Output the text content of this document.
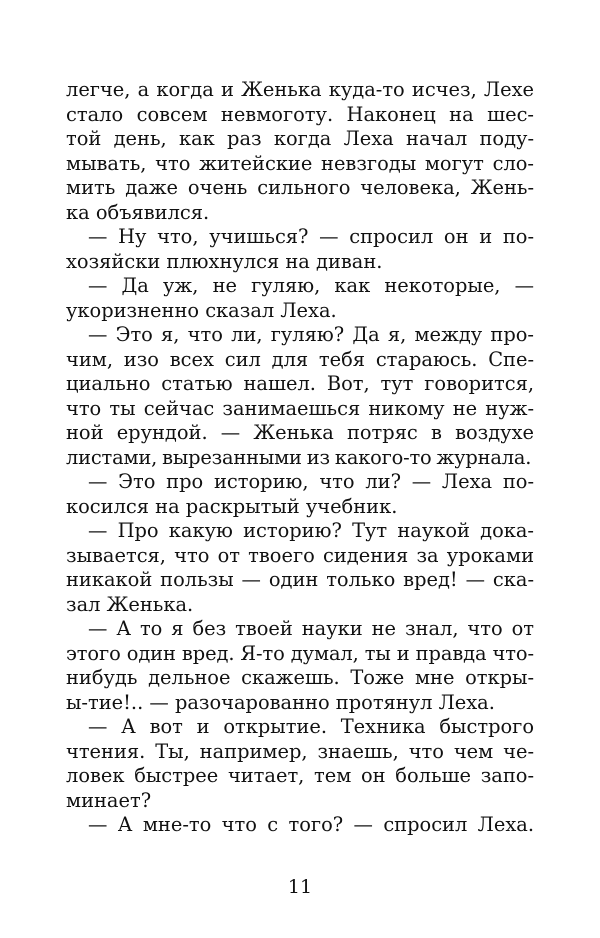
легче, а когда и Женька куда-то исчез, Лехе
стало совсем невмоготу. Наконец на шес-
той день, как раз когда Леха начал поду-
мывать, что житейские невзгоды могут сло-
мить даже очень сильного человека, Жень-
ка объявился.
— Ну что, учишься? — спросил он и по-
хозяйски плюхнулся на диван.
— Да уж, не гуляю, как некоторые, —
укоризненно сказал Леха.
— Это я, что ли, гуляю? Да я, между про-
чим, изо всех сил для тебя стараюсь. Спе-
циально статью нашел. Вот, тут говорится,
что ты сейчас занимаешься никому не нуж-
ной ерундой. — Женька потряс в воздухе
листами, вырезанными из какого-то журнала.
— Это про историю, что ли? — Леха по-
косился на раскрытый учебник.
— Про какую историю? Тут наукой дока-
зывается, что от твоего сидения за уроками
никакой пользы — один только вред! — ска-
зал Женька.
— А то я без твоей науки не знал, что от
этого один вред. Я-то думал, ты и правда что-
нибудь дельное скажешь. Тоже мне откры-
ы-тие!.. — разочарованно протянул Леха.
— А вот и открытие. Техника быстрого
чтения. Ты, например, знаешь, что чем че-
ловек быстрее читает, тем он больше запо-
минает?
— А мне-то что с того? — спросил Леха.
11
